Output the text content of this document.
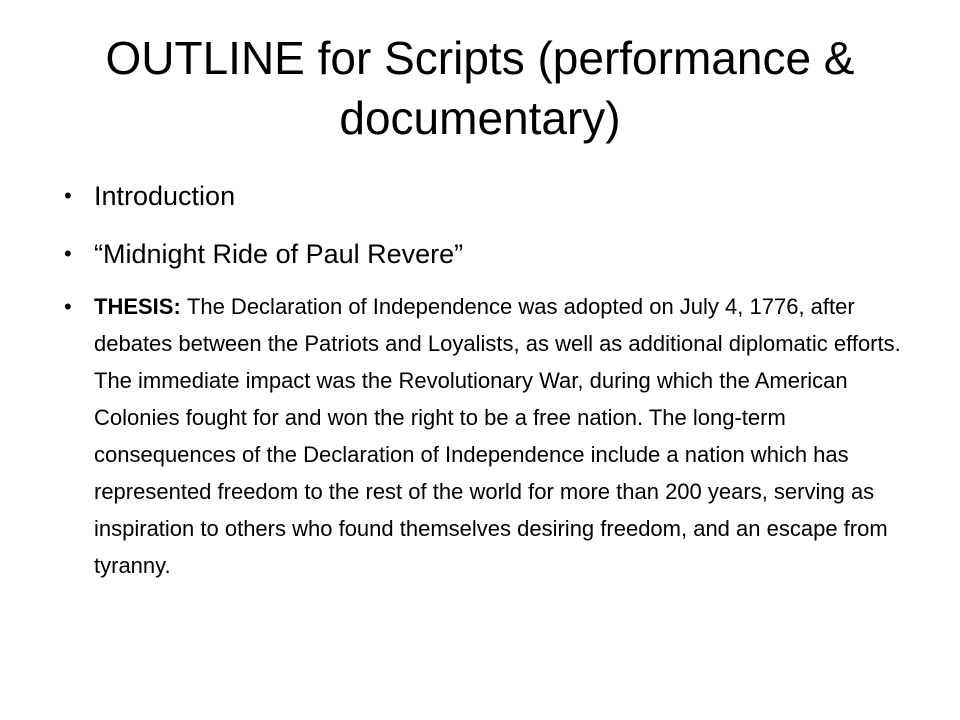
OUTLINE for Scripts (performance & documentary)
• Introduction
• “Midnight Ride of Paul Revere”
• THESIS: The Declaration of Independence was adopted on July 4, 1776, after debates between the Patriots and Loyalists, as well as additional diplomatic efforts. The immediate impact was the Revolutionary War, during which the American Colonies fought for and won the right to be a free nation. The long-term consequences of the Declaration of Independence include a nation which has represented freedom to the rest of the world for more than 200 years, serving as inspiration to others who found themselves desiring freedom, and an escape from tyranny.
